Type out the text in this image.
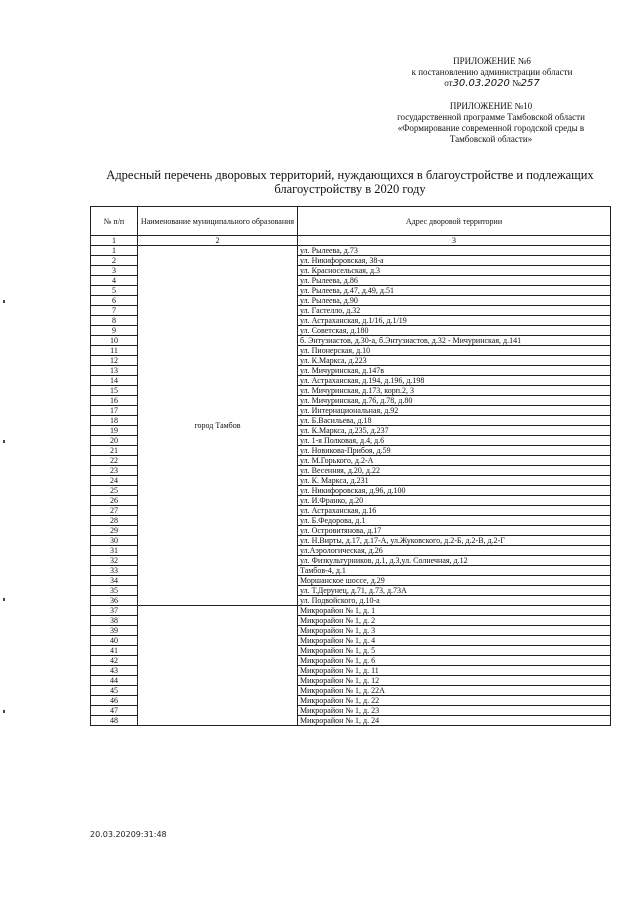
ПРИЛОЖЕНИЕ №6
к постановлению администрации области
от30.03.2020 №257
ПРИЛОЖЕНИЕ №10
государственной программе Тамбовской области
«Формирование современной городской среды в
Тамбовской области»
Адресный перечень дворовых территорий, нуждающихся в благоустройстве и подлежащих благоустройству в 2020 году
№ п/п	Наименование муниципального образования	Адрес дворовой территории
1	2	3
1	город Тамбов	ул. Рылеева, д.73
2		ул. Никифоровская, 38-а
3		ул. Красносельская, д.3
4		ул. Рылеева, д.86
5		ул. Рылеева, д.47, д.49, д.51
6		ул. Рылеева, д.90
7		ул. Гастелло, д.32
8		ул. Астраханская, д.1/16, д.1/19
9		ул. Советская, д.180
10		б. Энтузиастов, д.30-а, б.Энтузиастов, д.32 - Мичуринская, д.141
11		ул. Пионерская, д.10
12		ул. К.Маркса, д.223
13		ул. Мичуринская, д.147в
14		ул. Астраханская, д.194, д.196, д.198
15		ул. Мичуринская, д.173, корп.2, 3
16		ул. Мичуринская, д.76, д.78, д.80
17		ул. Интернациональная, д.92
18		ул. Б.Васильева, д.18
19		ул. К.Маркса, д.235, д.237
20		ул. 1-я Полковая, д.4, д.6
21		ул. Новикова-Прибоя, д.59
22		ул. М.Горького, д.2-А
23		ул. Весенняя, д.20, д.22
24		ул. К. Маркса, д.231
25		ул. Никифоровская, д.96, д.100
26		ул. И.Франко, д.20
27		ул. Астраханская, д.16
28		ул. Б.Федорова, д.1
29		ул. Островитянова, д.17
30		ул. Н.Вирты, д.17, д.17-А, ул.Жуковского, д.2-Б, д.2-В, д.2-Г
31		ул.Аэрологическая, д.26
32		ул. Физкультурников, д.1, д.3,ул. Солнечная, д.12
33		Тамбов-4, д.1
34		Моршанское шоссе, д.29
35		ул. Т.Дерунец, д.71, д.73, д.73А
36		ул. Подвойского, д.10-а
37		Микрорайон № 1, д. 1
38		Микрорайон № 1, д. 2
39		Микрорайон № 1, д. 3
40		Микрорайон № 1, д. 4
41		Микрорайон № 1, д. 5
42		Микрорайон № 1, д. 6
43		Микрорайон № 1, д. 11
44		Микрорайон № 1, д. 12
45		Микрорайон № 1, д. 22А
46		Микрорайон № 1, д. 22
47		Микрорайон № 1, д. 23
48		Микрорайон № 1, д. 24
20.03.20209:31:48
